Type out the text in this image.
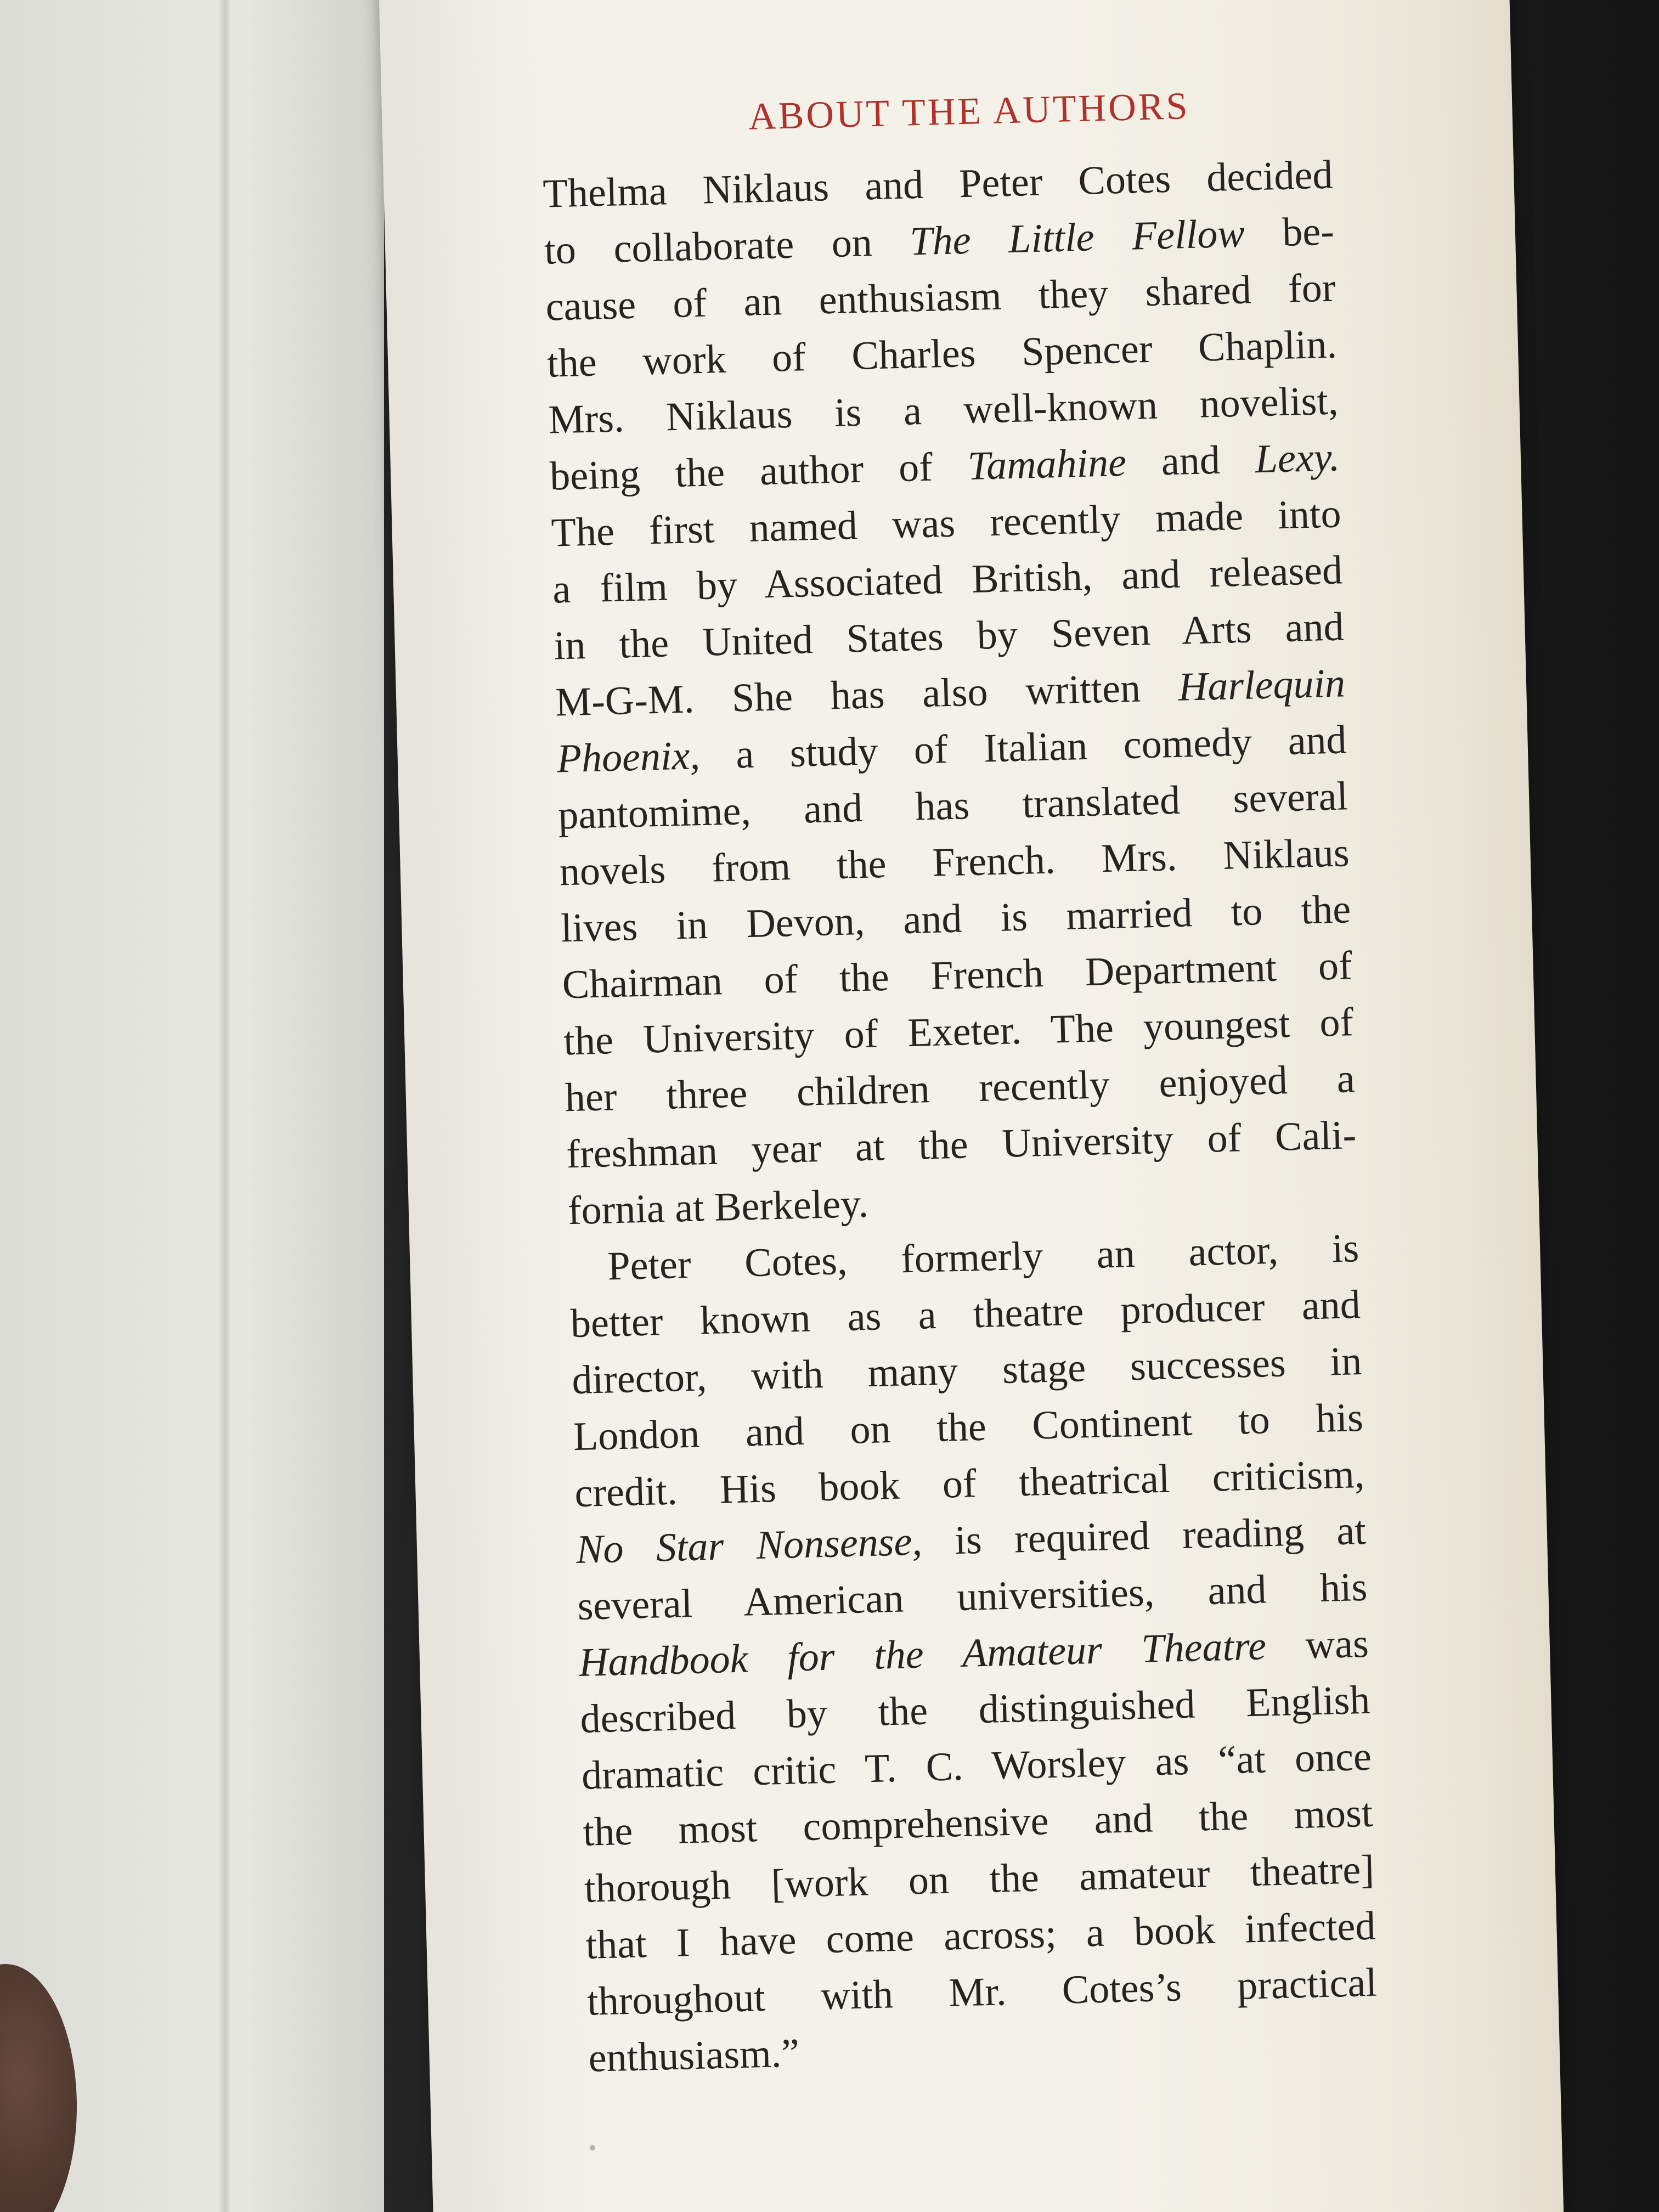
ABOUT THE AUTHORS
Thelma Niklaus and Peter Cotes decided
to collaborate on The Little Fellow be-
cause of an enthusiasm they shared for
the work of Charles Spencer Chaplin.
Mrs. Niklaus is a well-known novelist,
being the author of Tamahine and Lexy.
The first named was recently made into
a film by Associated British, and released
in the United States by Seven Arts and
M-G-M. She has also written Harlequin
Phoenix, a study of Italian comedy and
pantomime, and has translated several
novels from the French. Mrs. Niklaus
lives in Devon, and is married to the
Chairman of the French Department of
the University of Exeter. The youngest of
her three children recently enjoyed a
freshman year at the University of Cali-
fornia at Berkeley.
Peter Cotes, formerly an actor, is
better known as a theatre producer and
director, with many stage successes in
London and on the Continent to his
credit. His book of theatrical criticism,
No Star Nonsense, is required reading at
several American universities, and his
Handbook for the Amateur Theatre was
described by the distinguished English
dramatic critic T. C. Worsley as “at once
the most comprehensive and the most
thorough [work on the amateur theatre]
that I have come across; a book infected
throughout with Mr. Cotes’s practical
enthusiasm.”
